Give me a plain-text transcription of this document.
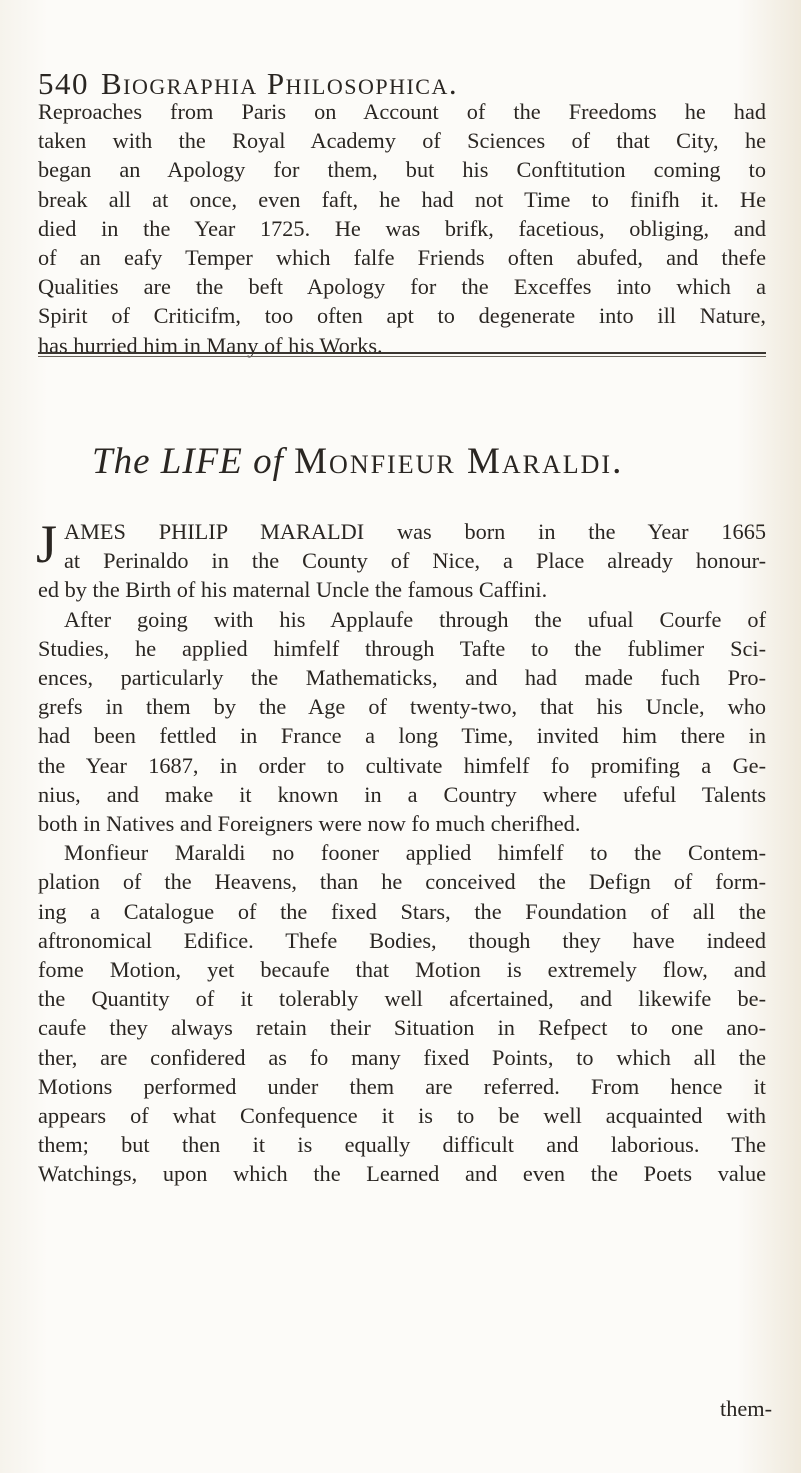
540 Biographia Philosophica.
Reproaches from Paris on Account of the Freedoms he had
taken with the Royal Academy of Sciences of that City, he
began an Apology for them, but his Conftitution coming to
break all at once, even faft, he had not Time to finifh it. He
died in the Year 1725. He was brifk, facetious, obliging, and
of an eafy Temper which falfe Friends often abufed, and thefe
Qualities are the beft Apology for the Exceffes into which a
Spirit of Criticifm, too often apt to degenerate into ill Nature,
has hurried him in Many of his Works.
The LIFE of Monfieur Maraldi.
J AMES PHILIP MARALDI was born in the Year 1665
at Perinaldo in the County of Nice, a Place already honour-
ed by the Birth of his maternal Uncle the famous Caffini.
After going with his Applaufe through the ufual Courfe of
Studies, he applied himfelf through Tafte to the fublimer Sci-
ences, particularly the Mathematicks, and had made fuch Pro-
grefs in them by the Age of twenty-two, that his Uncle, who
had been fettled in France a long Time, invited him there in
the Year 1687, in order to cultivate himfelf fo promifing a Ge-
nius, and make it known in a Country where ufeful Talents
both in Natives and Foreigners were now fo much cherifhed.
Monfieur Maraldi no fooner applied himfelf to the Contem-
plation of the Heavens, than he conceived the Defign of form-
ing a Catalogue of the fixed Stars, the Foundation of all the
aftronomical Edifice. Thefe Bodies, though they have indeed
fome Motion, yet becaufe that Motion is extremely flow, and
the Quantity of it tolerably well afcertained, and likewife be-
caufe they always retain their Situation in Refpect to one ano-
ther, are confidered as fo many fixed Points, to which all the
Motions performed under them are referred. From hence it
appears of what Confequence it is to be well acquainted with
them; but then it is equally difficult and laborious. The
Watchings, upon which the Learned and even the Poets value
them-
